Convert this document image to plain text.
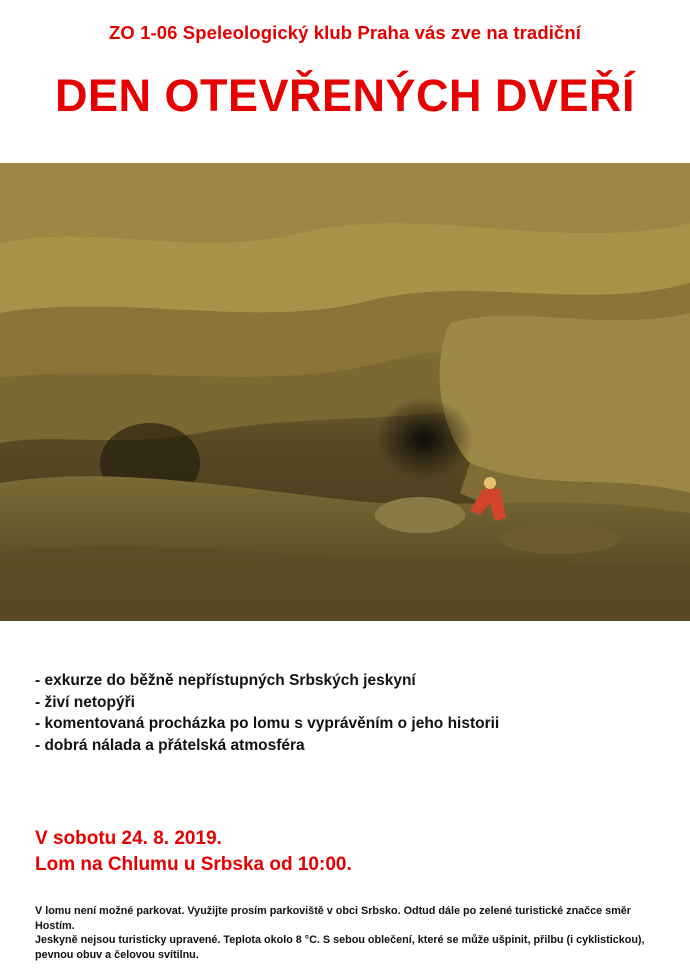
ZO 1-06 Speleologický klub Praha vás zve na tradiční
DEN OTEVŘENÝCH DVEŘÍ
Česká speleologická společnost
ZO 1-06 Speleologický klub Praha
- exkurze do běžně nepřístupných Srbských jeskyní
- živí netopýři
- komentovaná procházka po lomu s vyprávěním o jeho historii
- dobrá nálada a přátelská atmosféra
V sobotu 24. 8. 2019.
Lom na Chlumu u Srbska od 10:00.

V lomu není možné parkovat. Využijte prosím parkoviště v obci Srbsko. Odtud dále po zelené turistické značce směr Hostím.

Jeskyně nejsou turisticky upravené. Teplota okolo 8 °C. S sebou oblečení, které se může ušpinit, přilbu (i cyklistickou), pevnou obuv a čelovou svítilnu.
